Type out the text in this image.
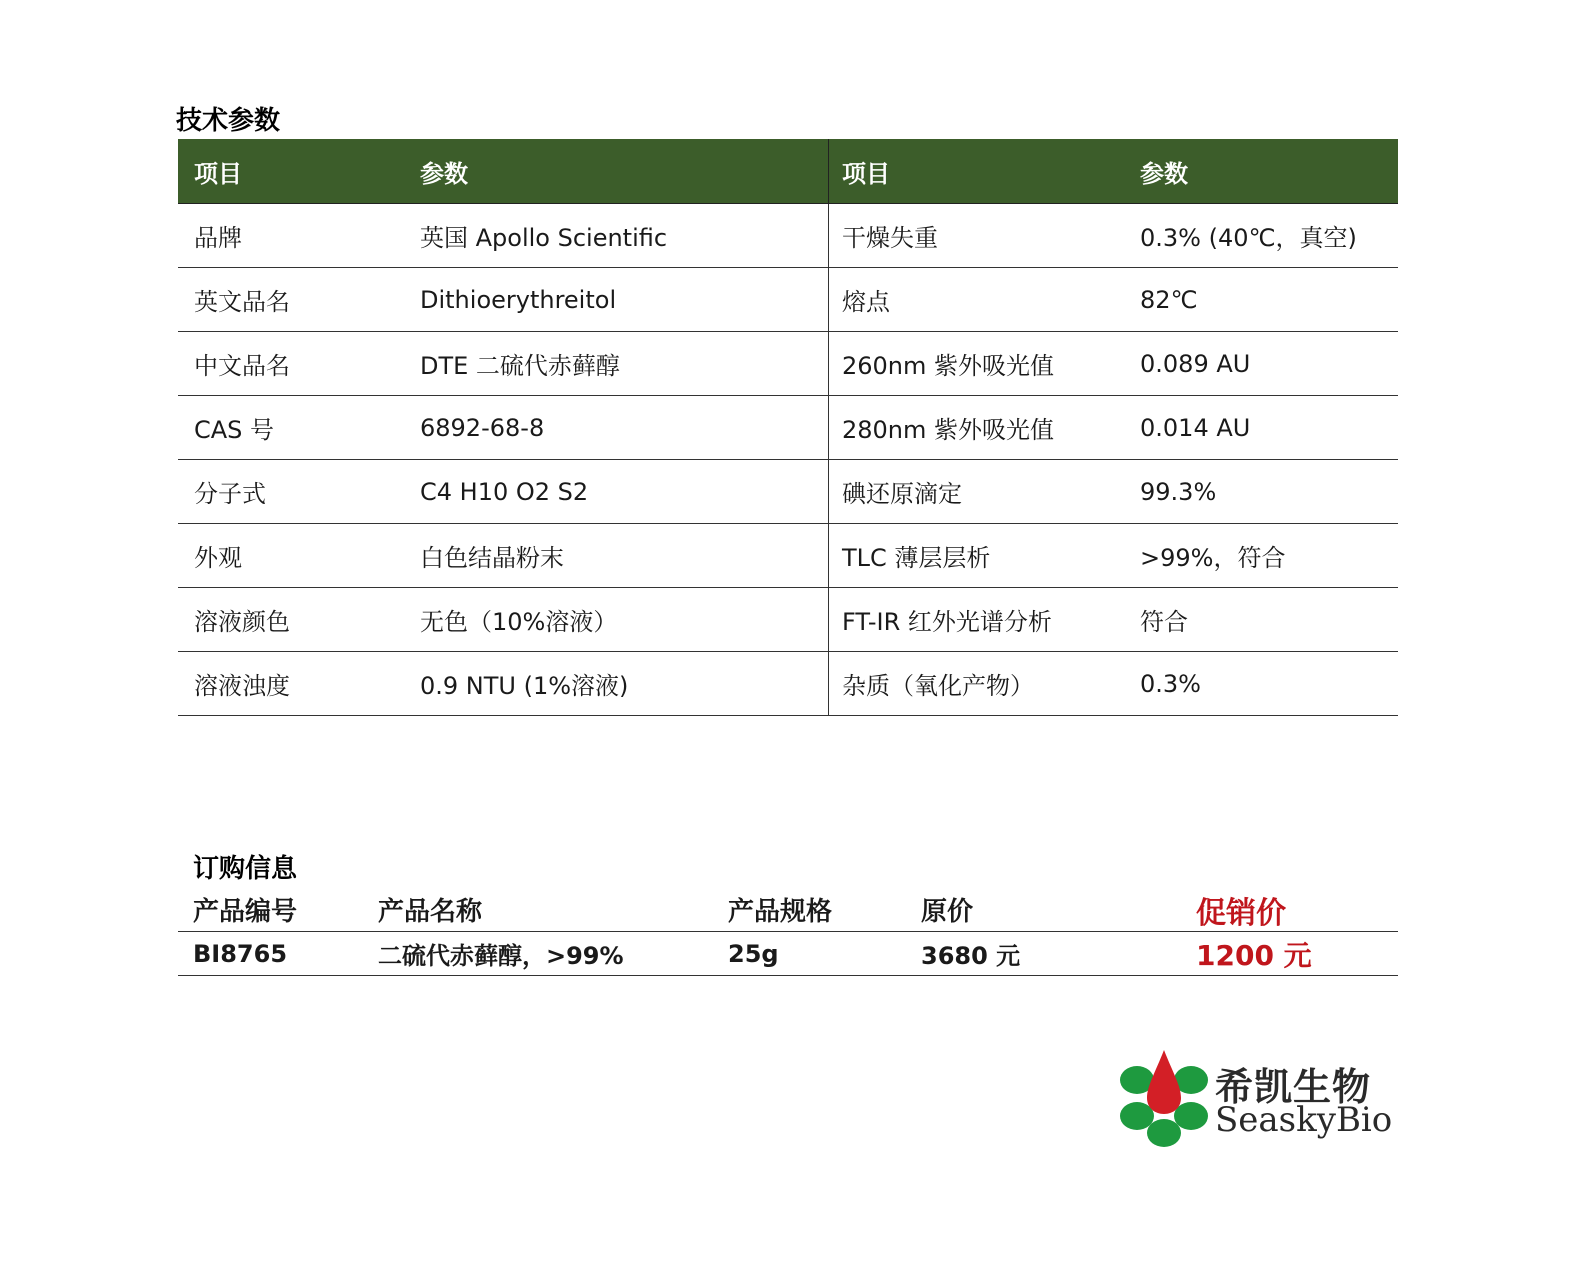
技术参数
项目	参数	项目	参数
品牌	英国 Apollo Scientific	干燥失重	0.3% (40℃，真空)
英文品名	Dithioerythreitol	熔点	82℃
中文品名	DTE 二硫代赤藓醇	260nm 紫外吸光值	0.089 AU
CAS 号	6892-68-8	280nm 紫外吸光值	0.014 AU
分子式	C4 H10 O2 S2	碘还原滴定	99.3%
外观	白色结晶粉末	TLC 薄层层析	>99%，符合
溶液颜色	无色（10%溶液）	FT-IR 红外光谱分析	符合
溶液浊度	0.9 NTU (1%溶液)	杂质（氧化产物）	0.3%
订购信息
产品编号	产品名称	产品规格	原价	促销价
BI8765	二硫代赤藓醇，>99%	25g	3680 元	1200 元
希凯生物
SeaskyBio
